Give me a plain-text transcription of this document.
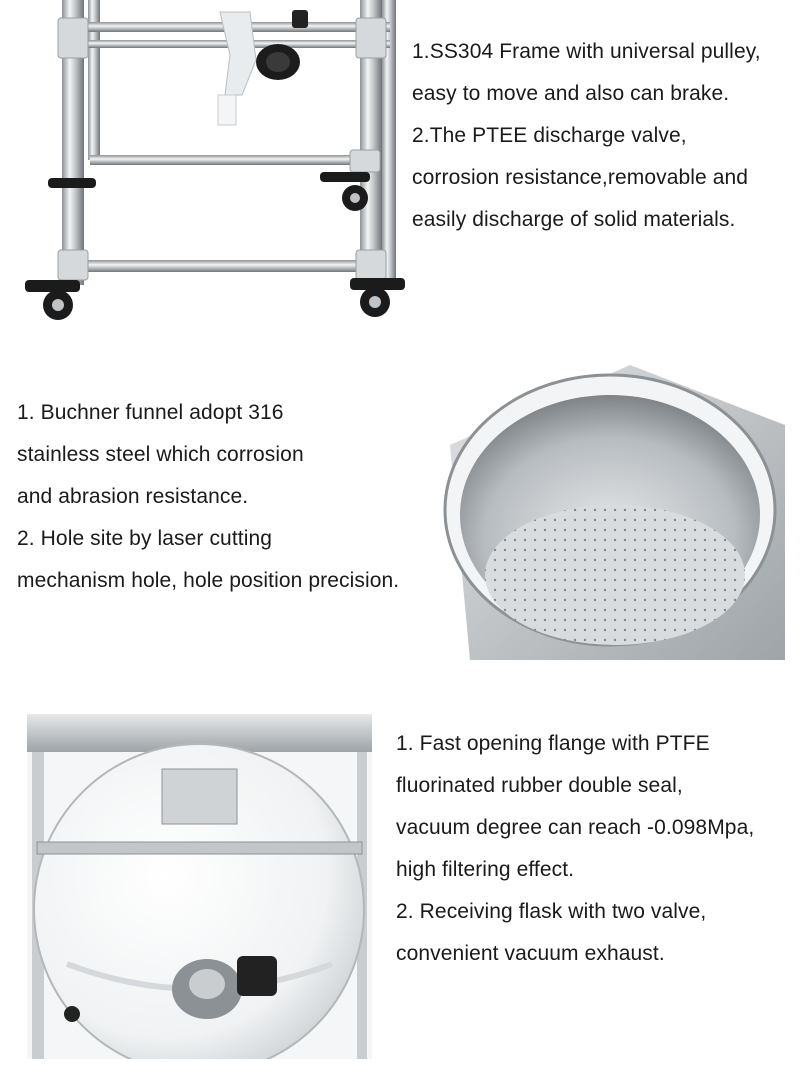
1.SS304 Frame with universal pulley,

easy to move and also can brake.

2.The PTEE discharge valve,

corrosion resistance,removable and

easily discharge of solid materials.

1. Buchner funnel adopt 316

stainless steel which corrosion

and abrasion resistance.

2. Hole site by laser cutting

mechanism hole, hole position precision.

1. Fast opening flange with PTFE

fluorinated rubber double seal,

vacuum degree can reach -0.098Mpa,

high filtering effect.

2. Receiving flask with two valve,

convenient vacuum exhaust.
